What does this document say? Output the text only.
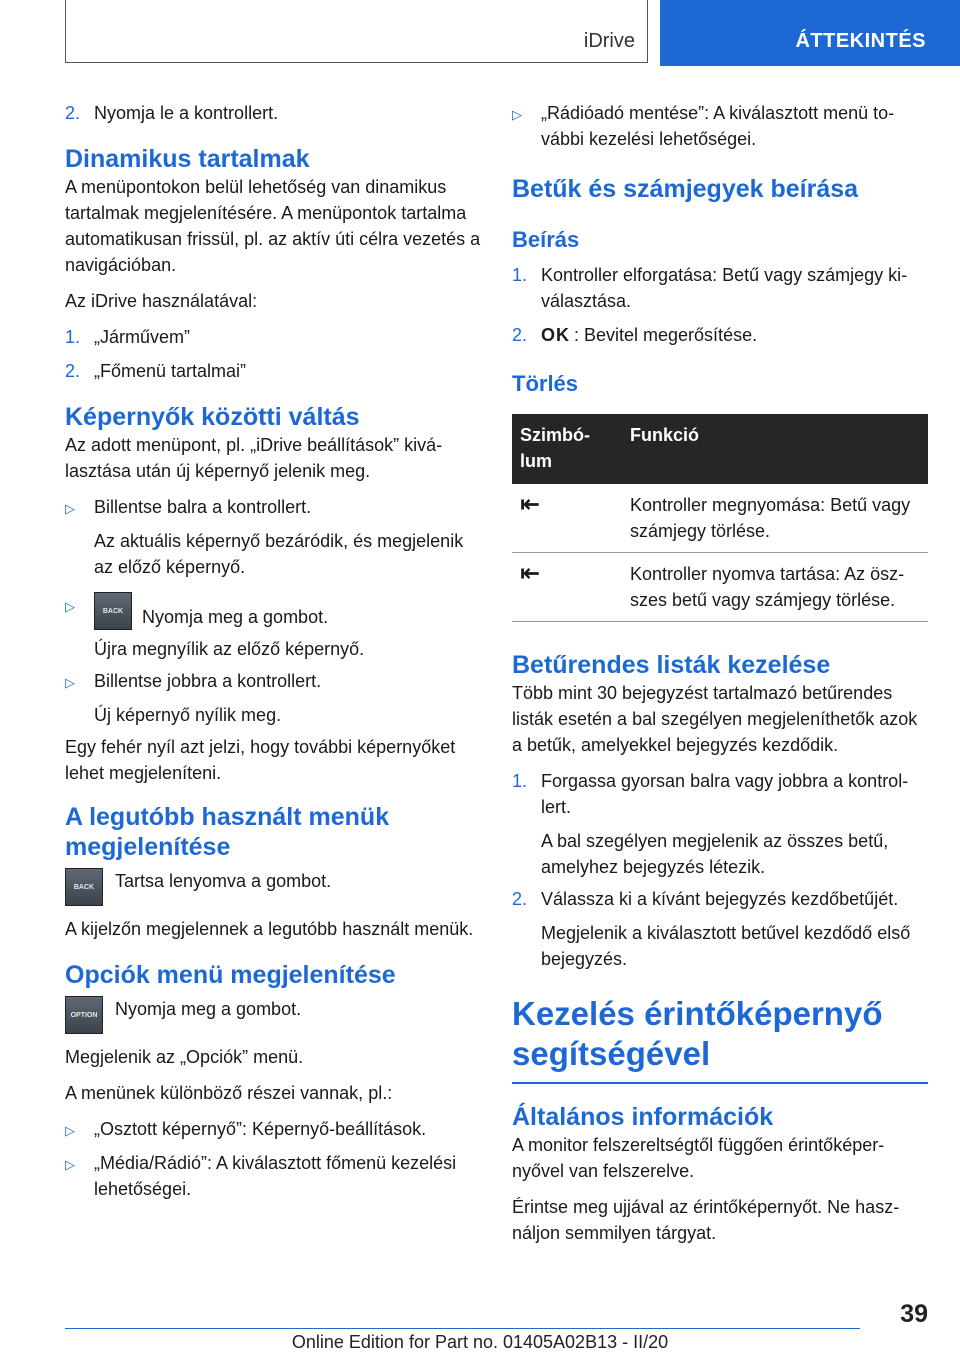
iDrive	ÁTTEKINTÉS
2. Nyomja le a kontrollert.
Dinamikus tartalmak

A menüpontokon belül lehetőség van dinamikus tartalmak megjelenítésére. A menüpontok tartalma automatikusan frissül, pl. az aktív úti célra vezetés a navigációban.

Az iDrive használatával:

1. „Járművem”
2. „Főmenü tartalmai”
Képernyők közötti váltás

Az adott menüpont, pl. „iDrive beállítások” kiválasztása után új képernyő jelenik meg.

▷	Billentse balra a kontrollert.
Az aktuális képernyő bezáródik, és megjelenik az előző képernyő.
▷	BACK	Nyomja meg a gombot.
Újra megnyílik az előző képernyő.
▷	Billentse jobbra a kontrollert.
Új képernyő nyílik meg.

Egy fehér nyíl azt jelzi, hogy további képernyőket lehet megjeleníteni.

A legutóbb használt menük megjelenítése
BACK	Tartsa lenyomva a gombot.

A kijelzőn megjelennek a legutóbb használt menük.

Opciók menü megjelenítése
OPTION Nyomja meg a gombot.

Megjelenik az „Opciók” menü.

A menünek különböző részei vannak, pl.:

▷	„Osztott képernyő”: Képernyő-beállítások.
▷	„Média/Rádió”: A kiválasztott főmenü kezelési lehetőségei.
▷	„Rádióadó mentése”: A kiválasztott menü további kezelési lehetőségei.
Betűk és számjegyek beírása
Beírás
1. Kontroller elforgatása: Betű vagy számjegy kiválasztása.
2. OK : Bevitel megerősítése.
Törlés
Szimbólum	Funkció
⇤	Kontroller megnyomása: Betű vagy számjegy törlése.
⇤	Kontroller nyomva tartása: Az öszszes betű vagy számjegy törlése.
Betűrendes listák kezelése

Több mint 30 bejegyzést tartalmazó betűrendes listák esetén a bal szegélyen megjeleníthetők azok a betűk, amelyekkel bejegyzés kezdődik.

1. Forgassa gyorsan balra vagy jobbra a kontrollert.
A bal szegélyen megjelenik az összes betű, amelyhez bejegyzés létezik.
2. Válassza ki a kívánt bejegyzés kezdőbetűjét.
Megjelenik a kiválasztott betűvel kezdődő első bejegyzés.
Kezelés érintőképernyő segítségével
Általános információk

A monitor felszereltségtől függően érintőképernyővel van felszerelve.

Érintse meg ujjával az érintőképernyőt. Ne használjon semmilyen tárgyat.

39
Online Edition for Part no. 01405A02B13 - II/20
